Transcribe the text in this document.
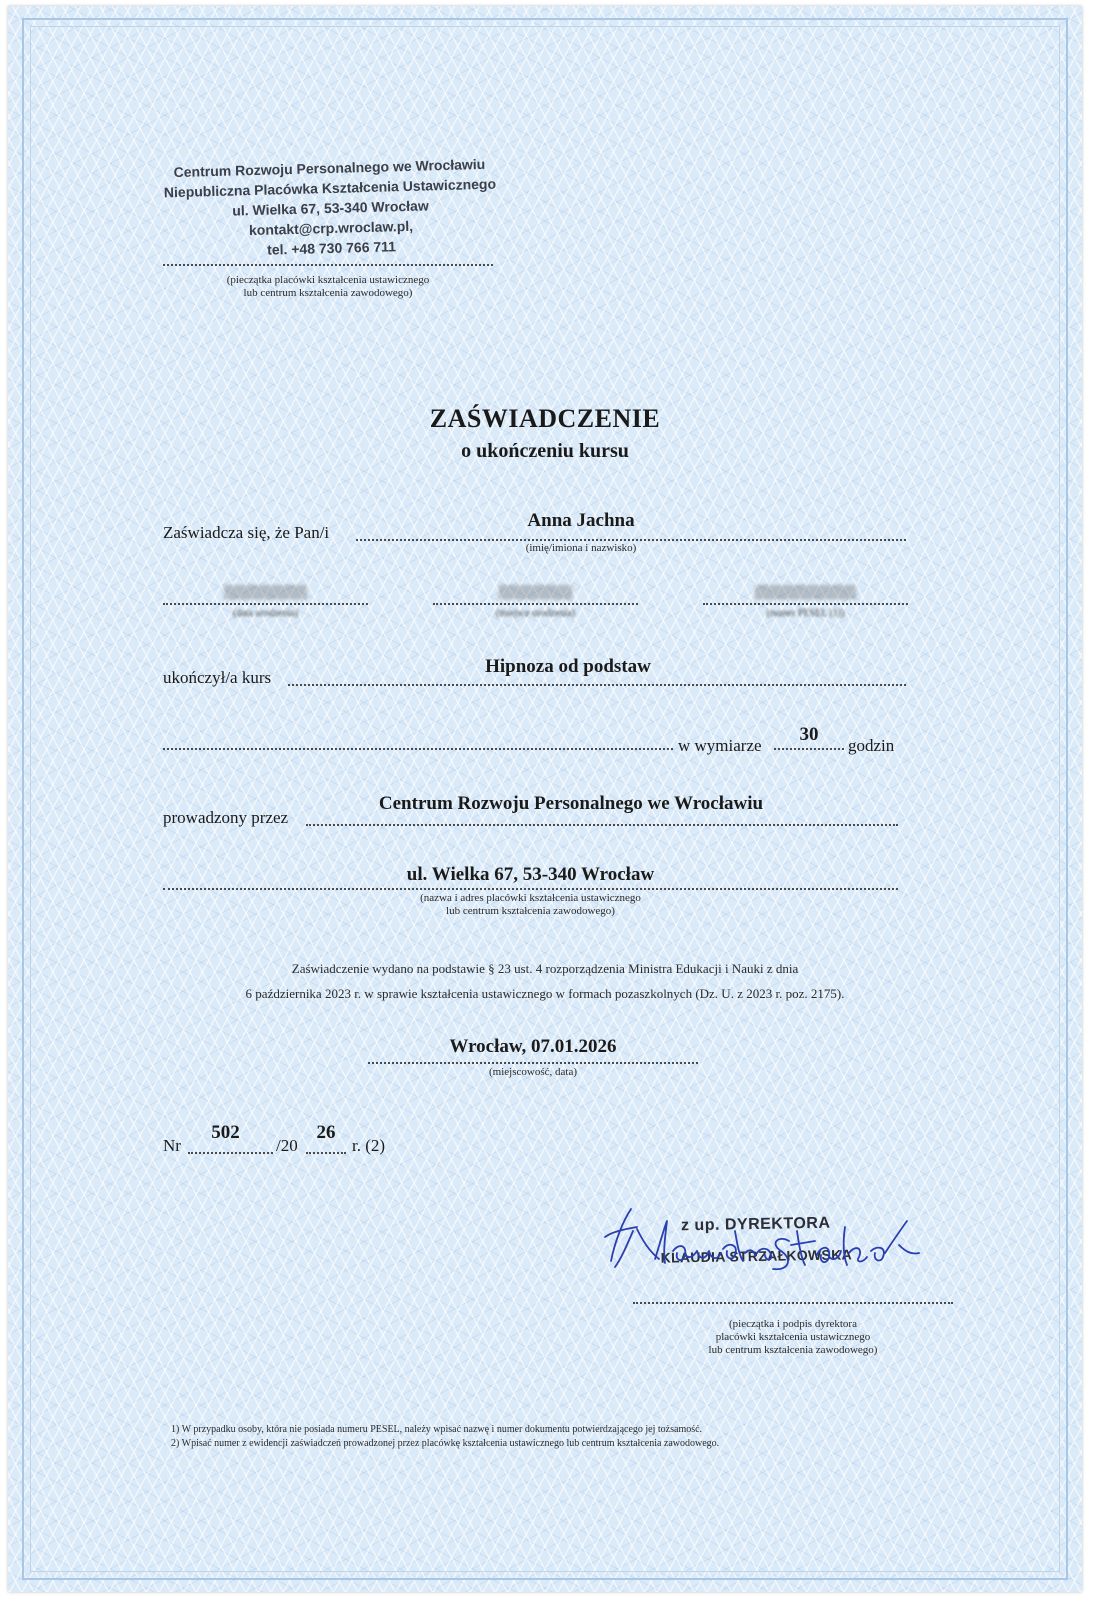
Centrum Rozwoju Personalnego we Wrocławiu
Niepubliczna Placówka Kształcenia Ustawicznego
ul. Wielka 67, 53-340 Wrocław
kontakt@crp.wroclaw.pl,
tel. +48 730 766 711
(pieczątka placówki kształcenia ustawicznego
lub centrum kształcenia zawodowego)
ZAŚWIADCZENIE
o ukończeniu kursu
Zaświadcza się, że Pan/i
Anna Jachna
(imię/imiona i nazwisko)
▒▒▒▒▒▒▒▒▒
(data urodzenia)
▒▒▒▒▒▒▒▒
(miejsce urodzenia)
▒▒▒▒▒▒▒▒▒▒▒
(numer PESEL (1))
ukończył/a kurs
Hipnoza od podstaw
w wymiarze
30
godzin
prowadzony przez
Centrum Rozwoju Personalnego we Wrocławiu
ul. Wielka 67, 53-340 Wrocław
(nazwa i adres placówki kształcenia ustawicznego
lub centrum kształcenia zawodowego)
Zaświadczenie wydano na podstawie § 23 ust. 4 rozporządzenia Ministra Edukacji i Nauki z dnia
6 października 2023 r. w sprawie kształcenia ustawicznego w formach pozaszkolnych (Dz. U. z 2023 r. poz. 2175).
Wrocław, 07.01.2026
(miejscowość, data)
Nr
502
/20
26
r. (2)
z up. DYREKTORA
KLAUDIA STRZAŁKOWSKA
(pieczątka i podpis dyrektora
placówki kształcenia ustawicznego
lub centrum kształcenia zawodowego)
1) W przypadku osoby, która nie posiada numeru PESEL, należy wpisać nazwę i numer dokumentu potwierdzającego jej tożsamość.
2) Wpisać numer z ewidencji zaświadczeń prowadzonej przez placówkę kształcenia ustawicznego lub centrum kształcenia zawodowego.
